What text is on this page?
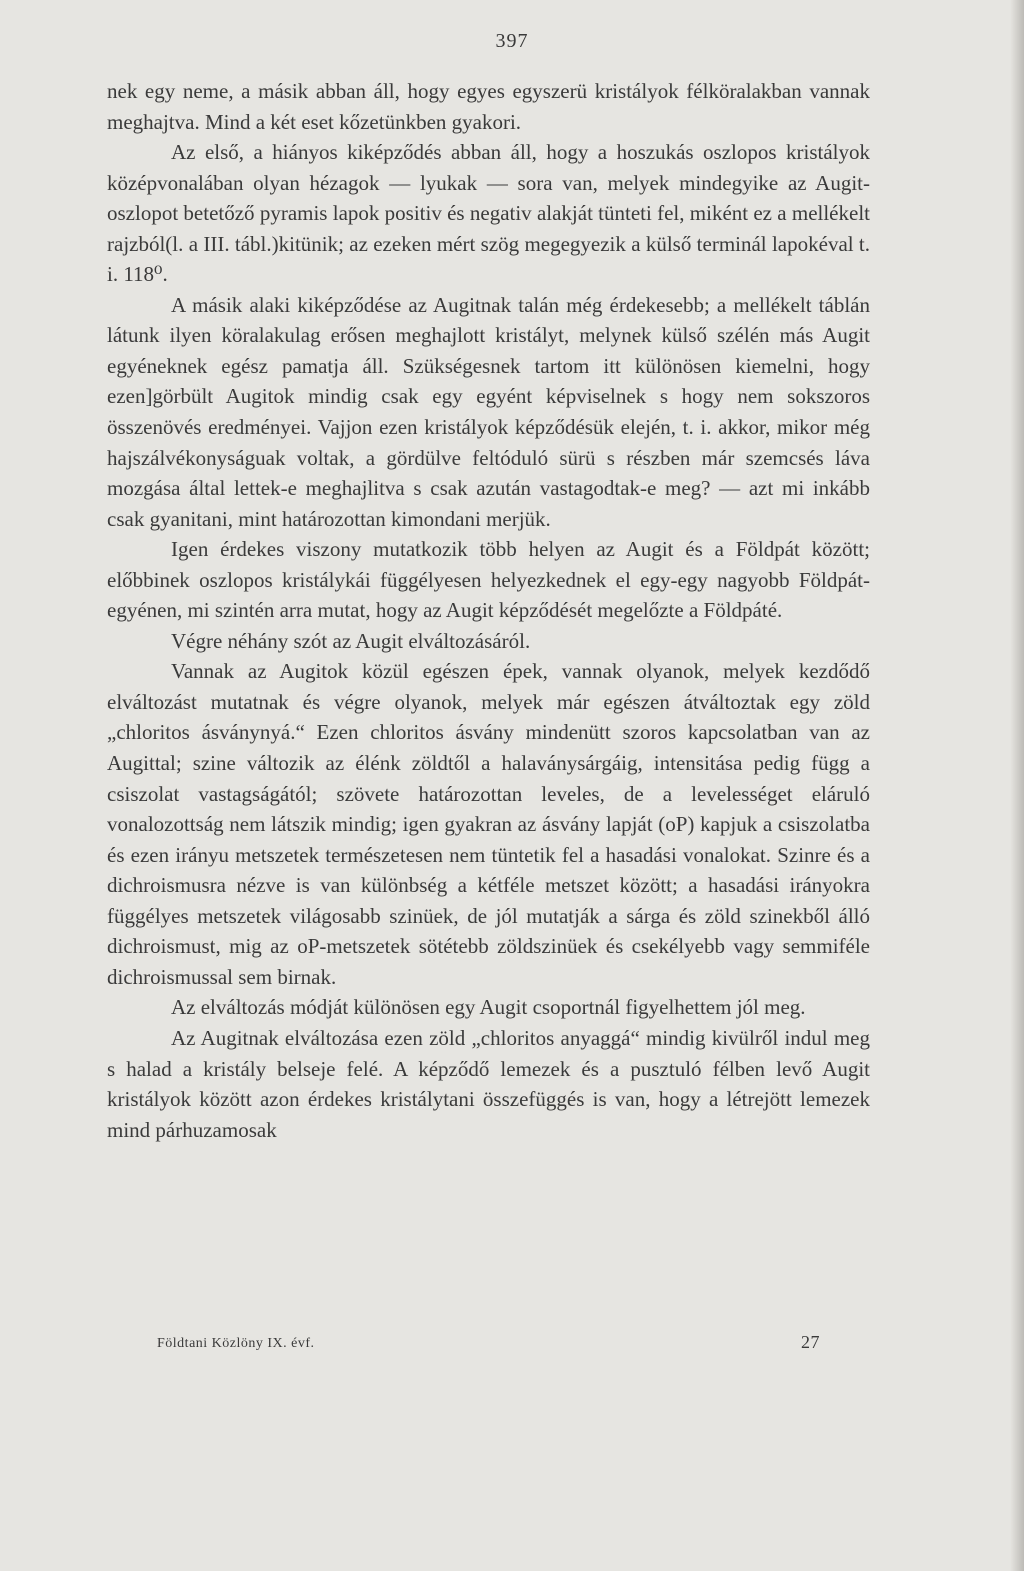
397

nek egy neme, a másik abban áll, hogy egyes egyszerü kristályok félköralakban vannak meghajtva. Mind a két eset kőzetünkben gyakori.

Az első, a hiányos kiképződés abban áll, hogy a hoszukás oszlopos kristályok középvonalában olyan hézagok — lyukak — sora van, melyek mindegyike az Augit-oszlopot betetőző pyramis lapok positiv és negativ alakját tünteti fel, miként ez a mellékelt rajzból(l. a III. tábl.)kitünik; az ezeken mért szög megegyezik a külső terminál lapokéval t. i. 118⁰.

A másik alaki kiképződése az Augitnak talán még érdekesebb; a mellékelt táblán látunk ilyen köralakulag erősen meghajlott kristályt, melynek külső szélén más Augit egyéneknek egész pamatja áll. Szükségesnek tartom itt különösen kiemelni, hogy ezen]görbült Augitok mindig csak egy egyént képviselnek s hogy nem sokszoros összenövés eredményei. Vajjon ezen kristályok képződésük elején, t. i. akkor, mikor még hajszálvékonyságuak voltak, a gördülve feltóduló sürü s részben már szemcsés láva mozgása által lettek-e meghajlitva s csak azután vastagodtak-e meg? — azt mi inkább csak gyanitani, mint határozottan kimondani merjük.

Igen érdekes viszony mutatkozik több helyen az Augit és a Földpát között; előbbinek oszlopos kristálykái függélyesen helyezkednek el egy-egy nagyobb Földpát-egyénen, mi szintén arra mutat, hogy az Augit képződését megelőzte a Földpáté.

Végre néhány szót az Augit elváltozásáról.

Vannak az Augitok közül egészen épek, vannak olyanok, melyek kezdődő elváltozást mutatnak és végre olyanok, melyek már egészen átváltoztak egy zöld „chloritos ásványnyá.“ Ezen chloritos ásvány mindenütt szoros kapcsolatban van az Augittal; szine változik az élénk zöldtől a halaványsárgáig, intensitása pedig függ a csiszolat vastagságától; szövete határozottan leveles, de a levelességet eláruló vonalozottság nem látszik mindig; igen gyakran az ásvány lapját (oP) kapjuk a csiszolatba és ezen irányu metszetek természetesen nem tüntetik fel a hasadási vonalokat. Szinre és a dichroismusra nézve is van különbség a kétféle metszet között; a hasadási irányokra függélyes metszetek világosabb szinüek, de jól mutatják a sárga és zöld szinekből álló dichroismust, mig az oP-metszetek sötétebb zöldszinüek és csekélyebb vagy semmiféle dichroismussal sem birnak.

Az elváltozás módját különösen egy Augit csoportnál figyelhettem jól meg.

Az Augitnak elváltozása ezen zöld „chloritos anyaggá“ mindig kivülről indul meg s halad a kristály belseje felé. A képződő lemezek és a pusztuló félben levő Augit kristályok között azon érdekes kristálytani összefüggés is van, hogy a létrejött lemezek mind párhuzamosak

Földtani Közlöny IX. évf.	27
